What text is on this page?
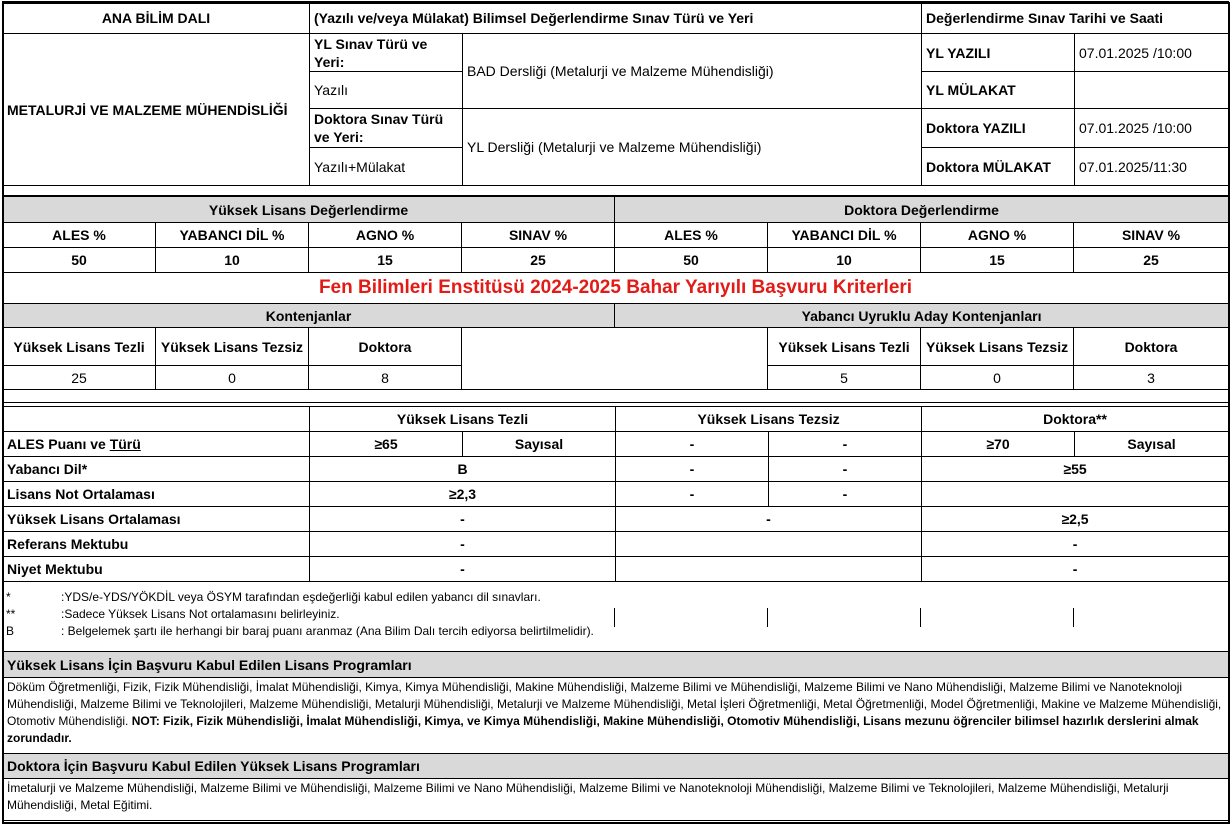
ANA BİLİM DALI	(Yazılı ve/veya Mülakat) Bilimsel Değerlendirme Sınav Türü ve Yeri		Değerlendirme Sınav Tarihi ve Saati	
METALURJİ VE MALZEME MÜHENDİSLİĞİ	YL Sınav Türü ve Yeri:	BAD Dersliği (Metalurji ve Malzeme Mühendisliği)	YL YAZILI	07.01.2025 /10:00
	Yazılı		YL MÜLAKAT	
	Doktora Sınav Türü ve Yeri:	YL Dersliği (Metalurji ve Malzeme Mühendisliği)	Doktora YAZILI	07.01.2025 /10:00
	Yazılı+Mülakat		Doktora MÜLAKAT	07.01.2025/11:30

Yüksek Lisans Değerlendirme				Doktora Değerlendirme			
ALES %	YABANCI DİL %	AGNO %	SINAV %	ALES %	YABANCI DİL %	AGNO %	SINAV %
50	10	15	25	50	10	15	25
Fen Bilimleri Enstitüsü 2024-2025 Bahar Yarıyılı Başvuru Kriterleri							
Kontenjanlar				Yabancı Uyruklu Aday Kontenjanları			
Yüksek Lisans Tezli	Yüksek Lisans Tezsiz	Doktora			Yüksek Lisans Tezli	Yüksek Lisans Tezsiz	Doktora
25	0	8			5	0	3

	Yüksek Lisans Tezli		Yüksek Lisans Tezsiz		Doktora**	
ALES Puanı ve Türü	≥65	Sayısal	-	-	≥70	Sayısal
Yabancı Dil*	B		-	-	≥55	
Lisans Not Ortalaması	≥2,3		-	-		
Yüksek Lisans Ortalaması	-		-		≥2,5	
Referans Mektubu	-				-	
Niyet Mektubu	-				-	
*	:YDS/e-YDS/YÖKDİL veya ÖSYM tarafından eşdeğerliği kabul edilen yabancı dil sınavları.
**	:Sadece Yüksek Lisans Not ortalamasını belirleyiniz.
B	: Belgelemek şartı ile herhangi bir baraj puanı aranmaz (Ana Bilim Dalı tercih ediyorsa belirtilmelidir).
Yüksek Lisans İçin Başvuru Kabul Edilen Lisans Programları
Döküm Öğretmenliği, Fizik, Fizik Mühendisliği, İmalat Mühendisliği, Kimya, Kimya Mühendisliği, Makine Mühendisliği, Malzeme Bilimi ve Mühendisliği, Malzeme Bilimi ve Nano Mühendisliği, Malzeme Bilimi ve Nanoteknoloji Mühendisliği, Malzeme Bilimi ve Teknolojileri, Malzeme Mühendisliği, Metalurji Mühendisliği, Metalurji ve Malzeme Mühendisliği, Metal İşleri Öğretmenliği, Metal Öğretmenliği, Model Öğretmenliği, Makine ve Malzeme Mühendisliği, Otomotiv Mühendisliği. NOT: Fizik, Fizik Mühendisliği, İmalat Mühendisliği, Kimya, ve Kimya Mühendisliği, Makine Mühendisliği, Otomotiv Mühendisliği, Lisans mezunu öğrenciler bilimsel hazırlık derslerini almak zorundadır.
Doktora İçin Başvuru Kabul Edilen Yüksek Lisans Programları
İmetalurji ve Malzeme Mühendisliği, Malzeme Bilimi ve Mühendisliği, Malzeme Bilimi ve Nano Mühendisliği, Malzeme Bilimi ve Nanoteknoloji Mühendisliği, Malzeme Bilimi ve Teknolojileri, Malzeme Mühendisliği, Metalurji Mühendisliği, Metal Eğitimi.
